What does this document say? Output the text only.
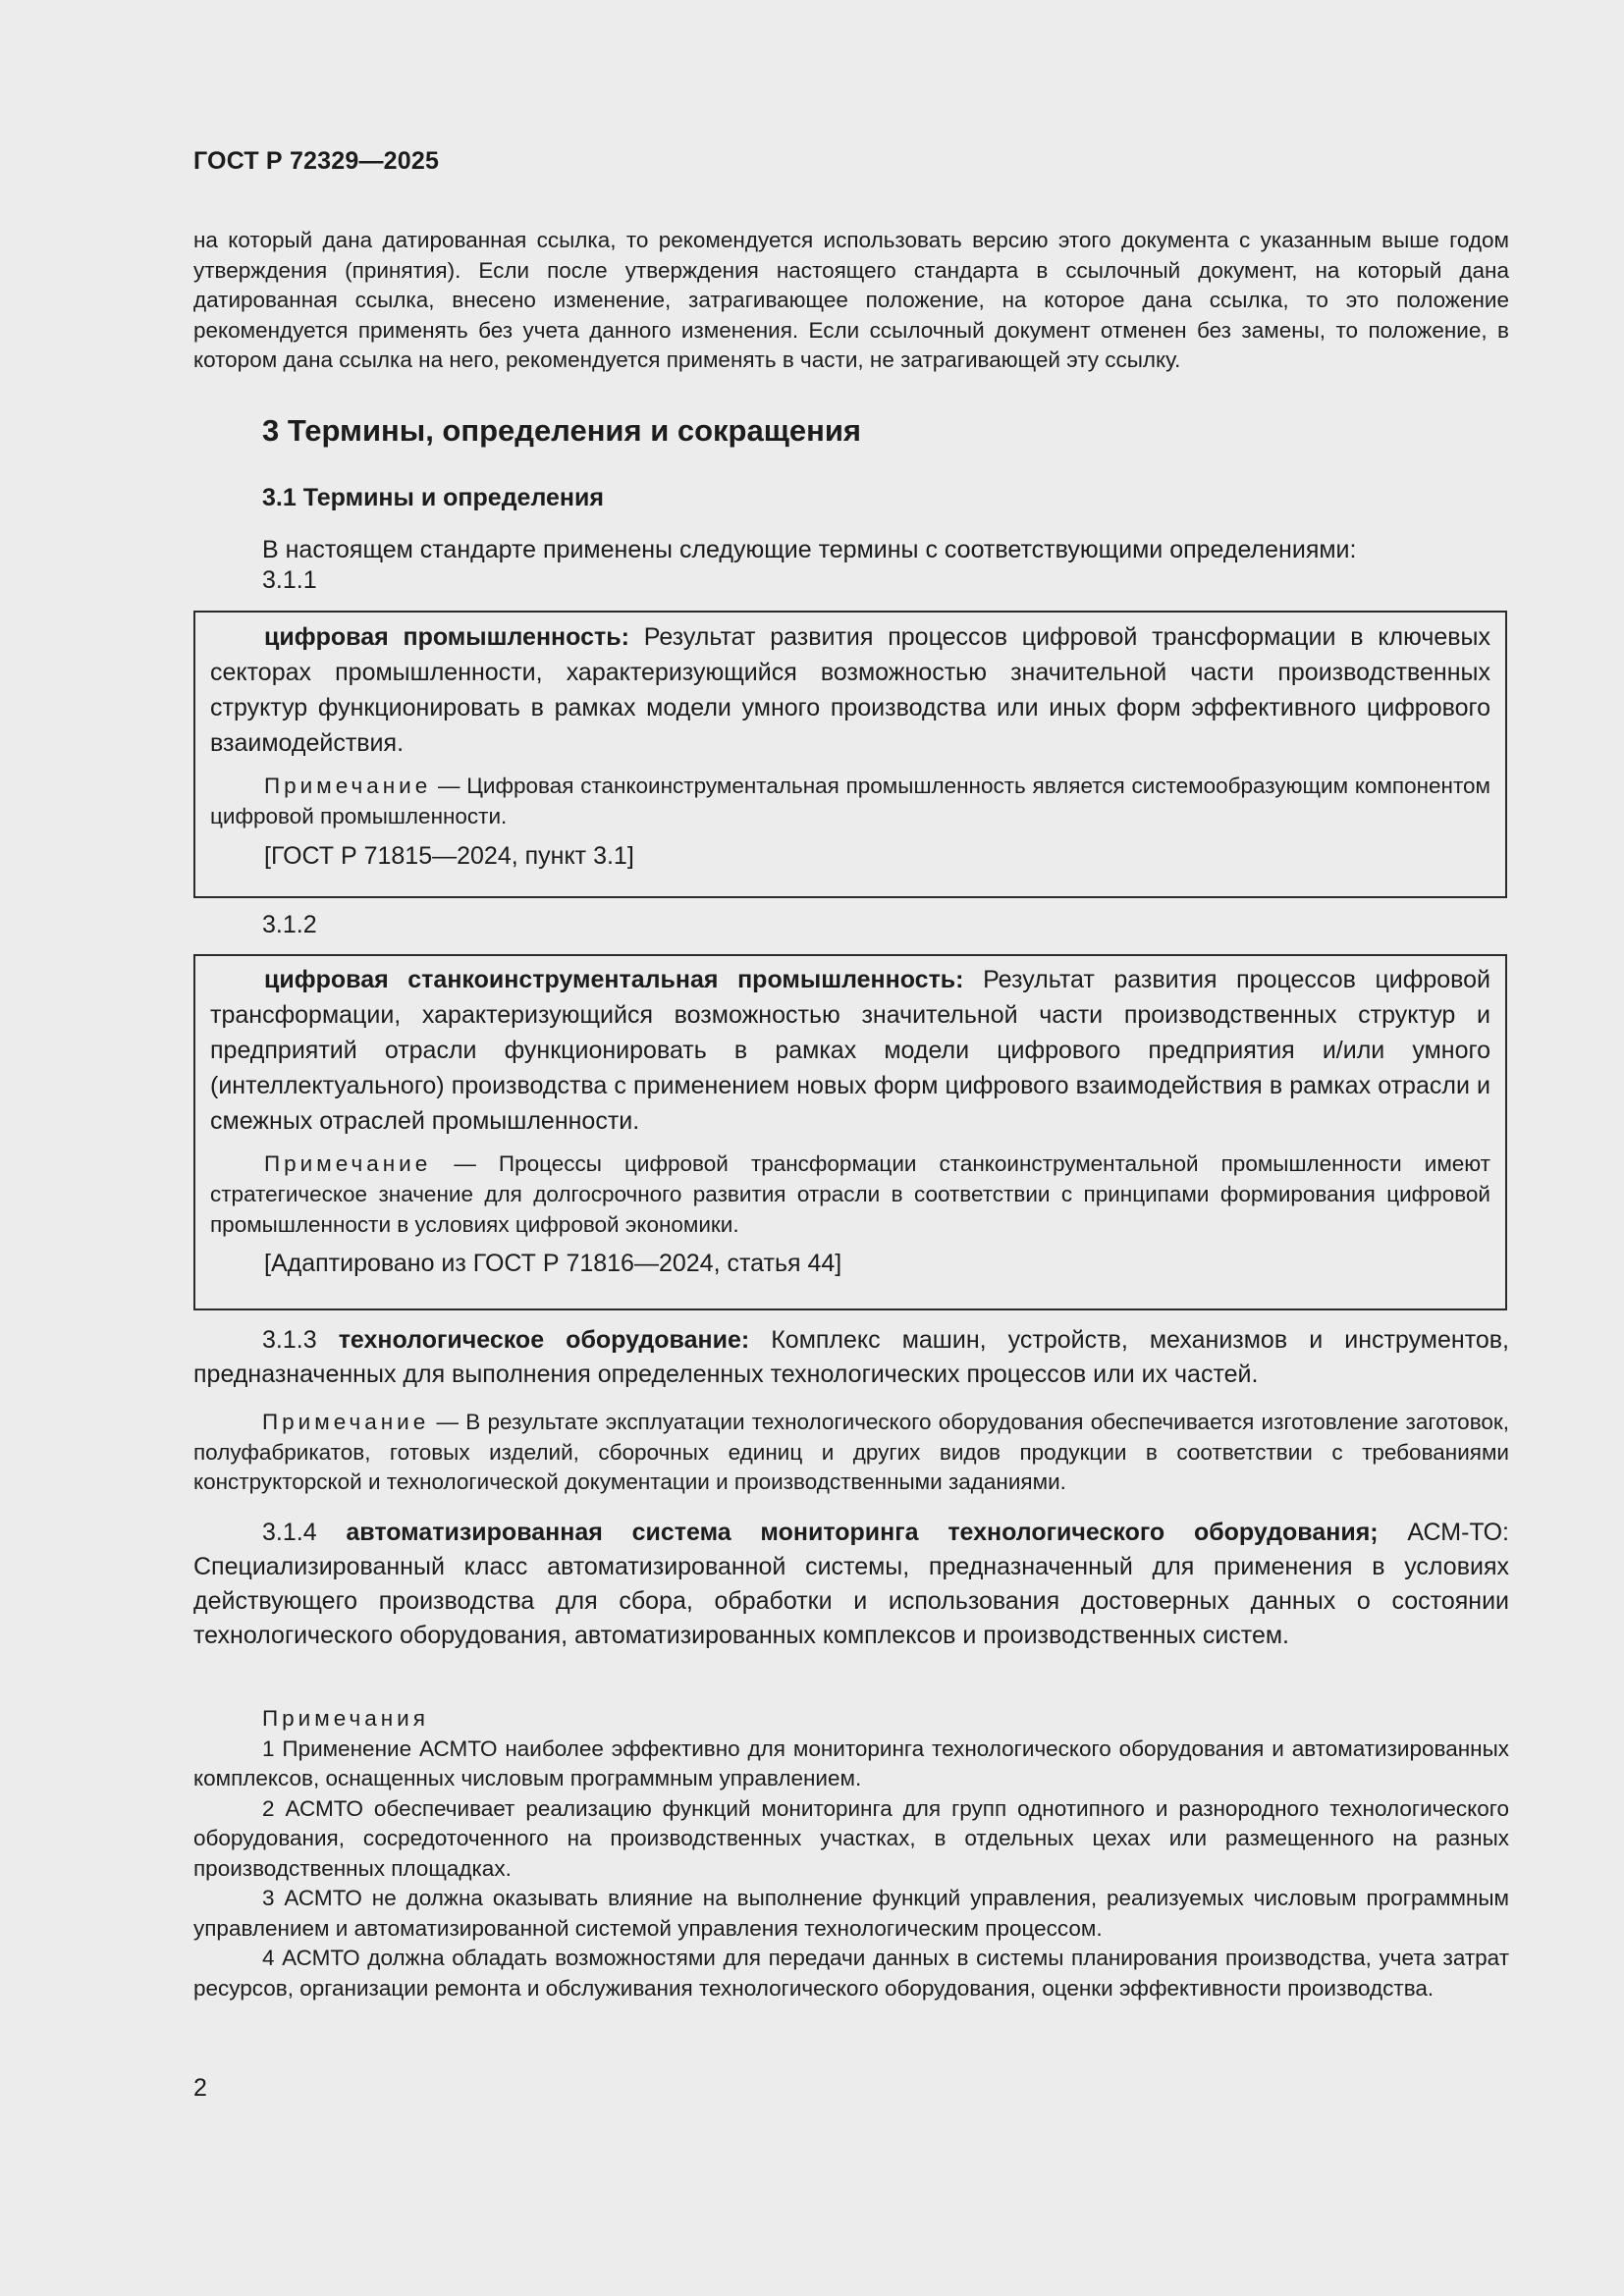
ГОСТ Р 72329—2025
на который дана датированная ссылка, то рекомендуется использовать версию этого документа с указанным выше годом утверждения (принятия). Если после утверждения настоящего стандарта в ссылочный документ, на который дана датированная ссылка, внесено изменение, затрагивающее положение, на которое дана ссылка, то это положение рекомендуется применять без учета данного изменения. Если ссылочный документ отменен без замены, то положение, в котором дана ссылка на него, рекомендуется применять в части, не затрагивающей эту ссылку.
3 Термины, определения и сокращения
3.1 Термины и определения
В настоящем стандарте применены следующие термины с соответствующими определениями:
3.1.1

цифровая промышленность: Результат развития процессов цифровой трансформации в ключевых секторах промышленности, характеризующийся возможностью значительной части производственных структур функционировать в рамках модели умного производства или иных форм эффективного цифрового взаимодействия.

Примечание — Цифровая станкоинструментальная промышленность является системообразующим компонентом цифровой промышленности.

[ГОСТ Р 71815—2024, пункт 3.1]

3.1.2

цифровая станкоинструментальная промышленность: Результат развития процессов цифровой трансформации, характеризующийся возможностью значительной части производственных структур и предприятий отрасли функционировать в рамках модели цифрового предприятия и/или умного (интеллектуального) производства с применением новых форм цифрового взаимодействия в рамках отрасли и смежных отраслей промышленности.

Примечание — Процессы цифровой трансформации станкоинструментальной промышленности имеют стратегическое значение для долгосрочного развития отрасли в соответствии с принципами формирования цифровой промышленности в условиях цифровой экономики.

[Адаптировано из ГОСТ Р 71816—2024, статья 44]

3.1.3 технологическое оборудование: Комплекс машин, устройств, механизмов и инструментов, предназначенных для выполнения определенных технологических процессов или их частей.

Примечание — В результате эксплуатации технологического оборудования обеспечивается изготовление заготовок, полуфабрикатов, готовых изделий, сборочных единиц и других видов продукции в соответствии с требованиями конструкторской и технологической документации и производственными заданиями.

3.1.4 автоматизированная система мониторинга технологического оборудования; АСМ-ТО: Специализированный класс автоматизированной системы, предназначенный для применения в условиях действующего производства для сбора, обработки и использования достоверных данных о состоянии технологического оборудования, автоматизированных комплексов и производственных систем.

Примечания

1 Применение АСМТО наиболее эффективно для мониторинга технологического оборудования и автоматизированных комплексов, оснащенных числовым программным управлением.

2 АСМТО обеспечивает реализацию функций мониторинга для групп однотипного и разнородного технологического оборудования, сосредоточенного на производственных участках, в отдельных цехах или размещенного на разных производственных площадках.

3 АСМТО не должна оказывать влияние на выполнение функций управления, реализуемых числовым программным управлением и автоматизированной системой управления технологическим процессом.

4 АСМТО должна обладать возможностями для передачи данных в системы планирования производства, учета затрат ресурсов, организации ремонта и обслуживания технологического оборудования, оценки эффективности производства.

2
